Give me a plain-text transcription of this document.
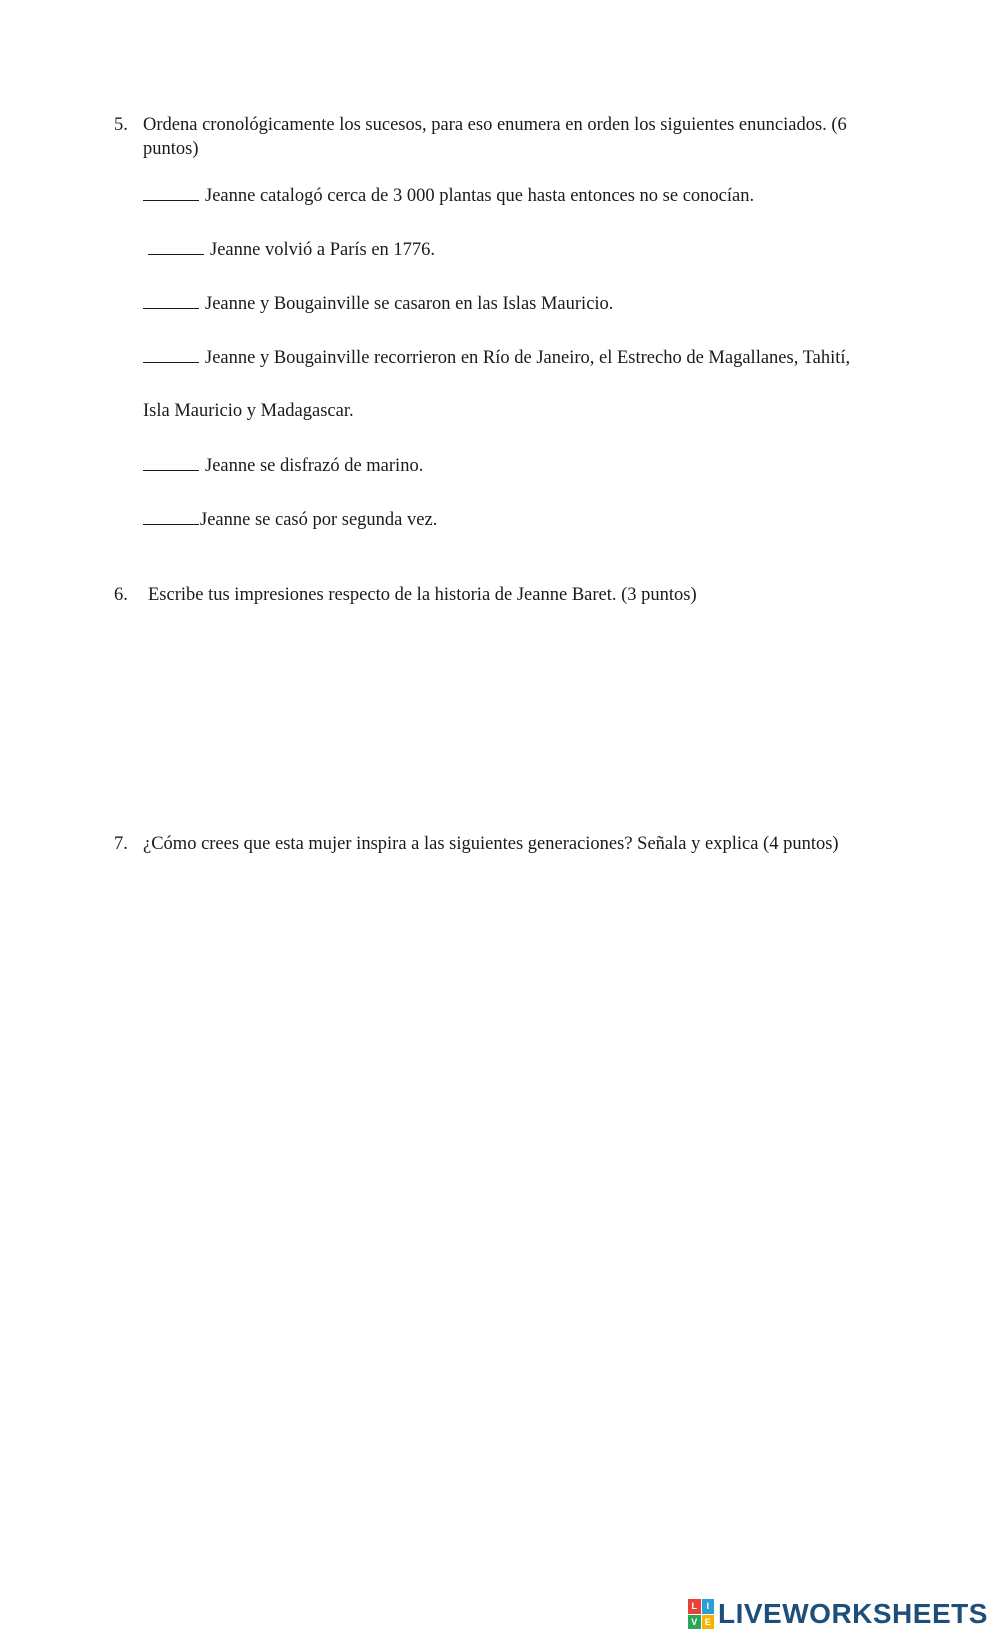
5. Ordena cronológicamente los sucesos, para eso enumera en orden los siguientes enunciados. (6
puntos)
Jeanne catalogó cerca de 3 000 plantas que hasta entonces no se conocían.
Jeanne volvió a París en 1776.
Jeanne y Bougainville se casaron en las Islas Mauricio.
Jeanne y Bougainville recorrieron en Río de Janeiro, el Estrecho de Magallanes, Tahití,
Isla Mauricio y Madagascar.
Jeanne se disfrazó de marino.
Jeanne se casó por segunda vez.
6. Escribe tus impresiones respecto de la historia de Jeanne Baret. (3 puntos)
7. ¿Cómo crees que esta mujer inspira a las siguientes generaciones? Señala y explica (4 puntos)
L	I
V E LIVEWORKSHEETS
